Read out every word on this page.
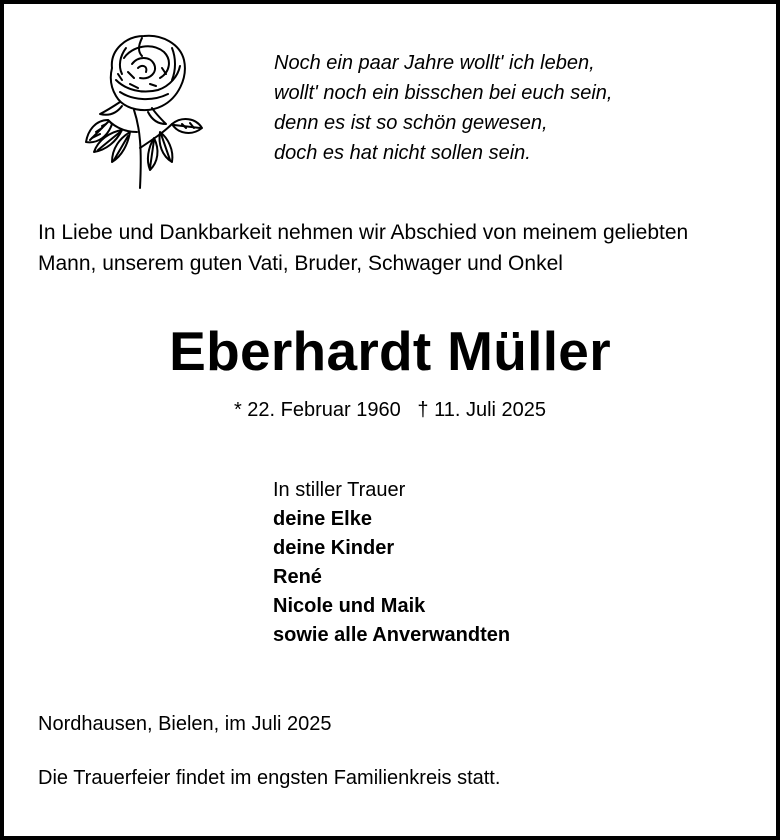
Noch ein paar Jahre wollt' ich leben,
wollt' noch ein bisschen bei euch sein,
denn es ist so schön gewesen,
doch es hat nicht sollen sein.
In Liebe und Dankbarkeit nehmen wir Abschied von meinem geliebten
Mann, unserem guten Vati, Bruder, Schwager und Onkel
Eberhardt Müller
* 22. Februar 1960   † 11. Juli 2025
In stiller Trauer
deine Elke
deine Kinder
René
Nicole und Maik
sowie alle Anverwandten
Nordhausen, Bielen, im Juli 2025
Die Trauerfeier findet im engsten Familienkreis statt.
